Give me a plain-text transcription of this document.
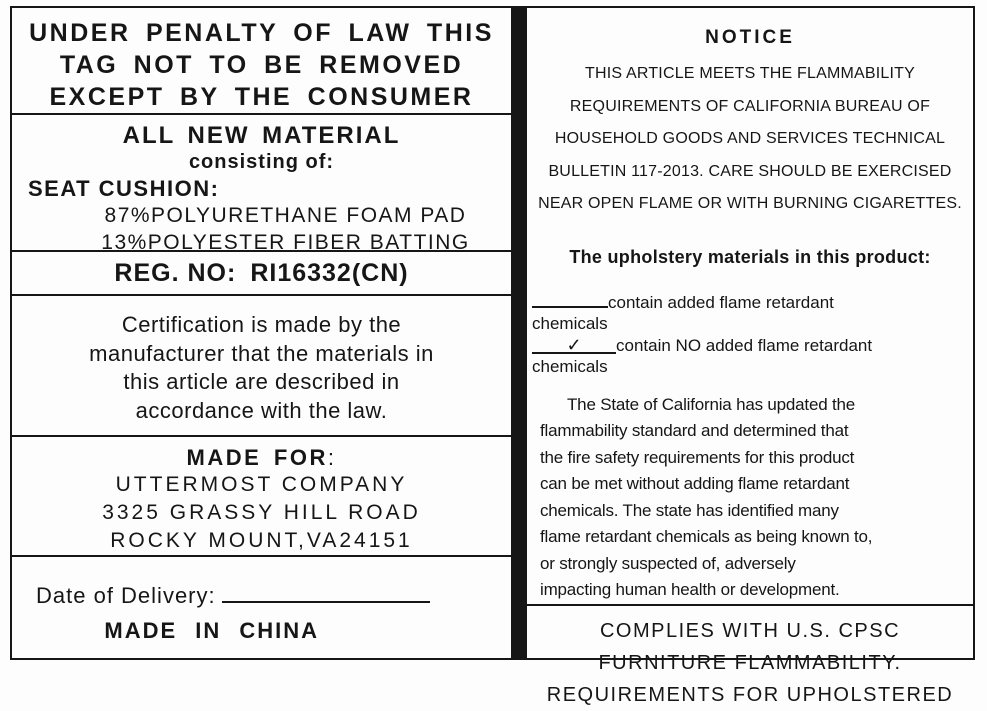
UNDER PENALTY OF LAW THIS
TAG NOT TO BE REMOVED
EXCEPT BY THE CONSUMER
ALL NEW MATERIAL
consisting of:
SEAT CUSHION:
87%POLYURETHANE FOAM PAD
13%POLYESTER FIBER BATTING
REG. NO: RI16332(CN)
Certification is made by the
manufacturer that the materials in
this article are described in
accordance with the law.
MADE FOR:
UTTERMOST COMPANY
3325 GRASSY HILL ROAD
ROCKY MOUNT,VA24151
Date of Delivery:
MADE IN CHINA
NOTICE
THIS ARTICLE MEETS THE FLAMMABILITY
REQUIREMENTS OF CALIFORNIA BUREAU OF
HOUSEHOLD GOODS AND SERVICES TECHNICAL
BULLETIN 117-2013. CARE SHOULD BE EXERCISED
NEAR OPEN FLAME OR WITH BURNING CIGARETTES.
The upholstery materials in this product:
contain added flame retardant
chemicals
✓ contain NO added flame retardant
chemicals
The State of California has updated the
flammability standard and determined that
the fire safety requirements for this product
can be met without adding flame retardant
chemicals. The state has identified many
flame retardant chemicals as being known to,
or strongly suspected of, adversely
impacting human health or development.
COMPLIES WITH U.S. CPSC
FURNITURE FLAMMABILITY.
REQUIREMENTS FOR UPHOLSTERED
